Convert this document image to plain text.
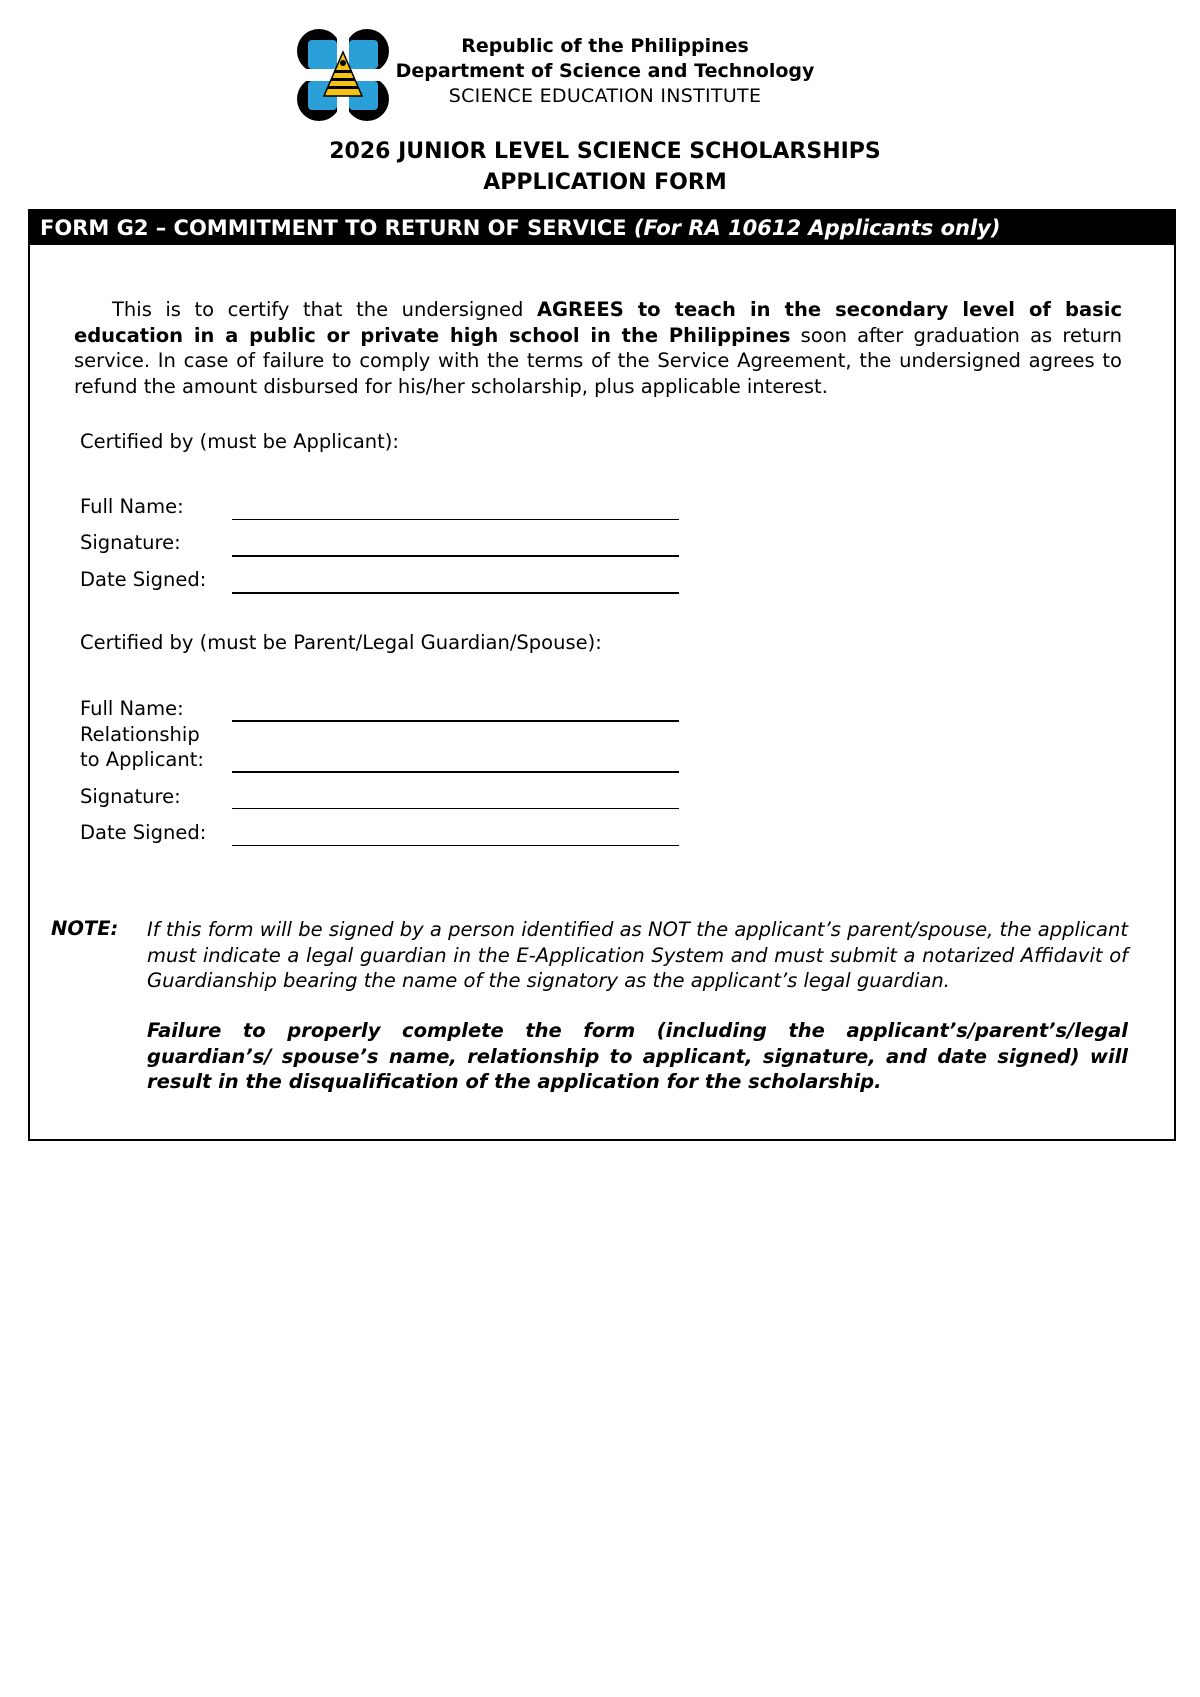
Republic of the Philippines
Department of Science and Technology
SCIENCE EDUCATION INSTITUTE
2026 JUNIOR LEVEL SCIENCE SCHOLARSHIPS
APPLICATION FORM
FORM G2 – COMMITMENT TO RETURN OF SERVICE (For RA 10612 Applicants only)
This is to certify that the undersigned AGREES to teach in the secondary level of basic education in a public or private high school in the Philippines soon after graduation as return service. In case of failure to comply with the terms of the Service Agreement, the undersigned agrees to refund the amount disbursed for his/her scholarship, plus applicable interest.
Certified by (must be Applicant):
Full Name:
Signature:
Date Signed:
Certified by (must be Parent/Legal Guardian/Spouse):
Full Name:
Relationship
to Applicant:
Signature:
Date Signed:
NOTE: If this form will be signed by a person identified as NOT the applicant’s parent/spouse, the applicant must indicate a legal guardian in the E-Application System and must submit a notarized Affidavit of Guardianship bearing the name of the signatory as the applicant’s legal guardian.
Failure to properly complete the form (including the applicant’s/parent’s/legal guardian’s/ spouse’s name, relationship to applicant, signature, and date signed) will result in the disqualification of the application for the scholarship.
